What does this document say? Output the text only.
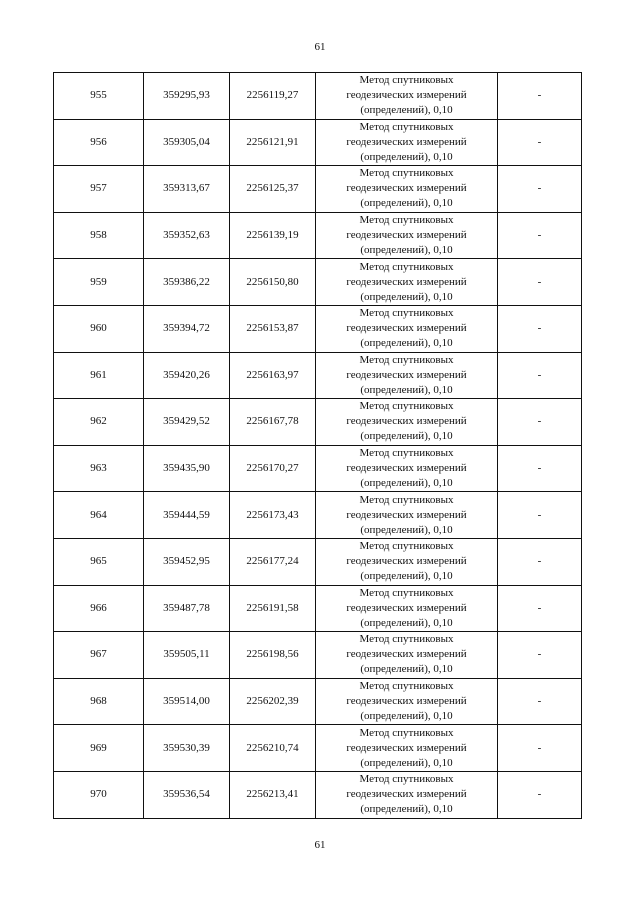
61
955	359295,93	2256119,27	Метод спутниковых
геодезических измерений
(определений), 0,10	-
956	359305,04	2256121,91	Метод спутниковых
геодезических измерений
(определений), 0,10	-
957	359313,67	2256125,37	Метод спутниковых
геодезических измерений
(определений), 0,10	-
958	359352,63	2256139,19	Метод спутниковых
геодезических измерений
(определений), 0,10	-
959	359386,22	2256150,80	Метод спутниковых
геодезических измерений
(определений), 0,10	-
960	359394,72	2256153,87	Метод спутниковых
геодезических измерений
(определений), 0,10	-
961	359420,26	2256163,97	Метод спутниковых
геодезических измерений
(определений), 0,10	-
962	359429,52	2256167,78	Метод спутниковых
геодезических измерений
(определений), 0,10	-
963	359435,90	2256170,27	Метод спутниковых
геодезических измерений
(определений), 0,10	-
964	359444,59	2256173,43	Метод спутниковых
геодезических измерений
(определений), 0,10	-
965	359452,95	2256177,24	Метод спутниковых
геодезических измерений
(определений), 0,10	-
966	359487,78	2256191,58	Метод спутниковых
геодезических измерений
(определений), 0,10	-
967	359505,11	2256198,56	Метод спутниковых
геодезических измерений
(определений), 0,10	-
968	359514,00	2256202,39	Метод спутниковых
геодезических измерений
(определений), 0,10	-
969	359530,39	2256210,74	Метод спутниковых
геодезических измерений
(определений), 0,10	-
970	359536,54	2256213,41	Метод спутниковых
геодезических измерений
(определений), 0,10	-
61
